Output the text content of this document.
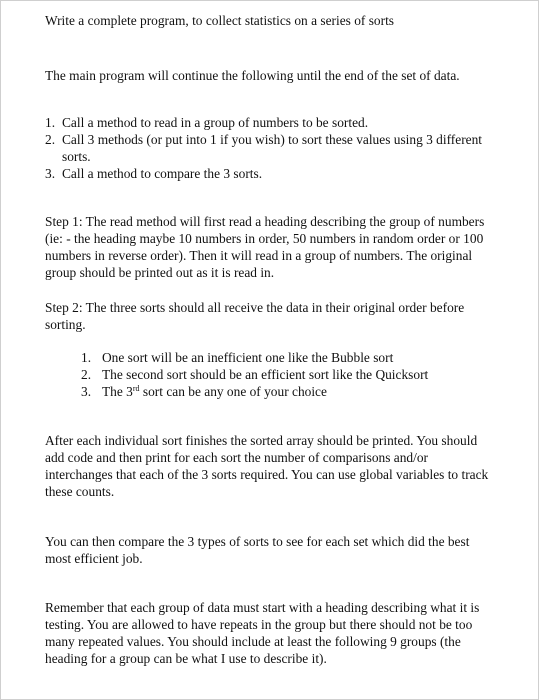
Write a complete program, to collect statistics on a series of sorts

The main program will continue the following until the end of the set of data.

1. Call a method to read in a group of numbers to be sorted.
2. Call 3 methods (or put into 1 if you wish) to sort these values using 3 different sorts.
3. Call a method to compare the 3 sorts.

Step 1: The read method will first read a heading describing the group of numbers (ie: - the heading maybe 10 numbers in order, 50 numbers in random order or 100 numbers in reverse order). Then it will read in a group of numbers. The original group should be printed out as it is read in.

Step 2: The three sorts should all receive the data in their original order before sorting.

1. One sort will be an inefficient one like the Bubble sort
2. The second sort should be an efficient sort like the Quicksort
3. The 3rd sort can be any one of your choice

After each individual sort finishes the sorted array should be printed. You should add code and then print for each sort the number of comparisons and/or interchanges that each of the 3 sorts required. You can use global variables to track these counts.

You can then compare the 3 types of sorts to see for each set which did the best most efficient job.

Remember that each group of data must start with a heading describing what it is testing. You are allowed to have repeats in the group but there should not be too many repeated values. You should include at least the following 9 groups (the heading for a group can be what I use to describe it).
